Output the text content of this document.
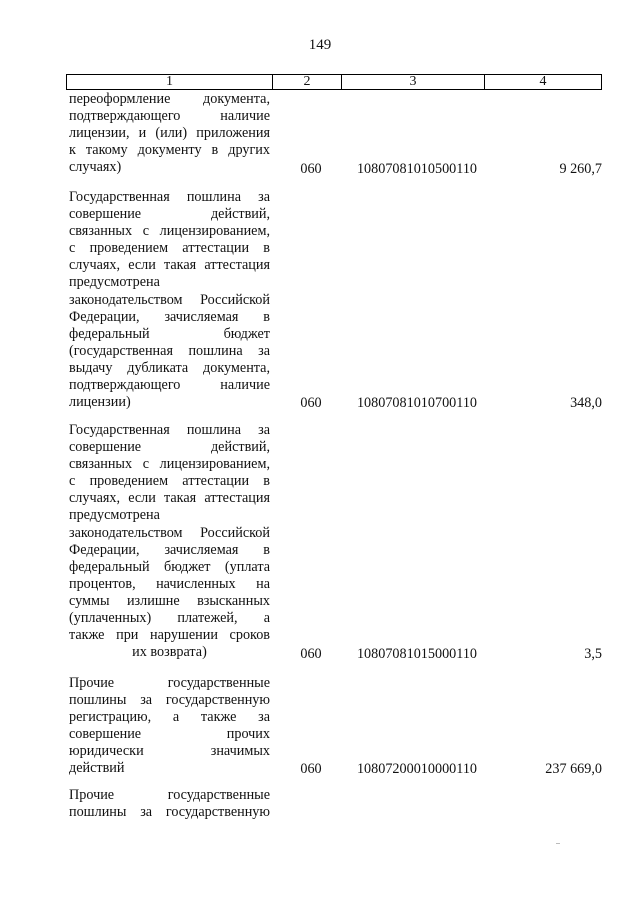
149
1	2	3	4
переоформление документа,
подтверждающего наличие
лицензии, и (или) приложения
к такому документу в других
случаях)	060	10807081010500110	9 260,7
Государственная пошлина за
совершение действий,
связанных с лицензированием,
с проведением аттестации в
случаях, если такая аттестация
предусмотрена
законодательством Российской
Федерации, зачисляемая в
федеральный бюджет
(государственная пошлина за
выдачу дубликата документа,
подтверждающего наличие
лицензии)	060	10807081010700110	348,0
Государственная пошлина за
совершение действий,
связанных с лицензированием,
с проведением аттестации в
случаях, если такая аттестация
предусмотрена
законодательством Российской
Федерации, зачисляемая в
федеральный бюджет (уплата
процентов, начисленных на
суммы излишне взысканных
(уплаченных) платежей, а
также при нарушении сроков
их возврата)	060	10807081015000110	3,5
Прочие государственные
пошлины за государственную
регистрацию, а также за
совершение прочих
юридически значимых
действий	060	10807200010000110	237 669,0
Прочие государственные
пошлины за государственную
